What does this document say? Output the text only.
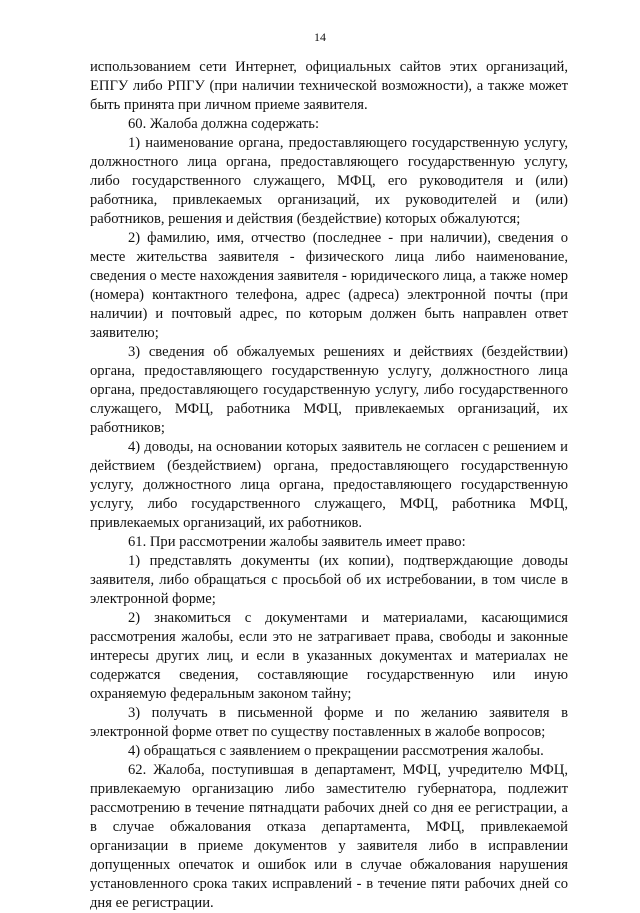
14

использованием сети Интернет, официальных сайтов этих организаций, ЕПГУ либо РПГУ (при наличии технической возможности), а также может быть принята при личном приеме заявителя.

60. Жалоба должна содержать:

1) наименование органа, предоставляющего государственную услугу, должностного лица органа, предоставляющего государственную услугу, либо государственного служащего, МФЦ, его руководителя и (или) работника, привлекаемых организаций, их руководителей и (или) работников, решения и действия (бездействие) которых обжалуются;

2) фамилию, имя, отчество (последнее - при наличии), сведения о месте жительства заявителя - физического лица либо наименование, сведения о месте нахождения заявителя - юридического лица, а также номер (номера) контактного телефона, адрес (адреса) электронной почты (при наличии) и почтовый адрес, по которым должен быть направлен ответ заявителю;

3) сведения об обжалуемых решениях и действиях (бездействии) органа, предоставляющего государственную услугу, должностного лица органа, предоставляющего государственную услугу, либо государственного служащего, МФЦ, работника МФЦ, привлекаемых организаций, их работников;

4) доводы, на основании которых заявитель не согласен с решением и действием (бездействием) органа, предоставляющего государственную услугу, должностного лица органа, предоставляющего государственную услугу, либо государственного служащего, МФЦ, работника МФЦ, привлекаемых организаций, их работников.

61. При рассмотрении жалобы заявитель имеет право:

1) представлять документы (их копии), подтверждающие доводы заявителя, либо обращаться с просьбой об их истребовании, в том числе в электронной форме;

2) знакомиться с документами и материалами, касающимися рассмотрения жалобы, если это не затрагивает права, свободы и законные интересы других лиц, и если в указанных документах и материалах не содержатся сведения, составляющие государственную или иную охраняемую федеральным законом тайну;

3) получать в письменной форме и по желанию заявителя в электронной форме ответ по существу поставленных в жалобе вопросов;

4) обращаться с заявлением о прекращении рассмотрения жалобы.

62. Жалоба, поступившая в департамент, МФЦ, учредителю МФЦ, привлекаемую организацию либо заместителю губернатора, подлежит рассмотрению в течение пятнадцати рабочих дней со дня ее регистрации, а в случае обжалования отказа департамента, МФЦ, привлекаемой организации в приеме документов у заявителя либо в исправлении допущенных опечаток и ошибок или в случае обжалования нарушения установленного срока таких исправлений - в течение пяти рабочих дней со дня ее регистрации.
